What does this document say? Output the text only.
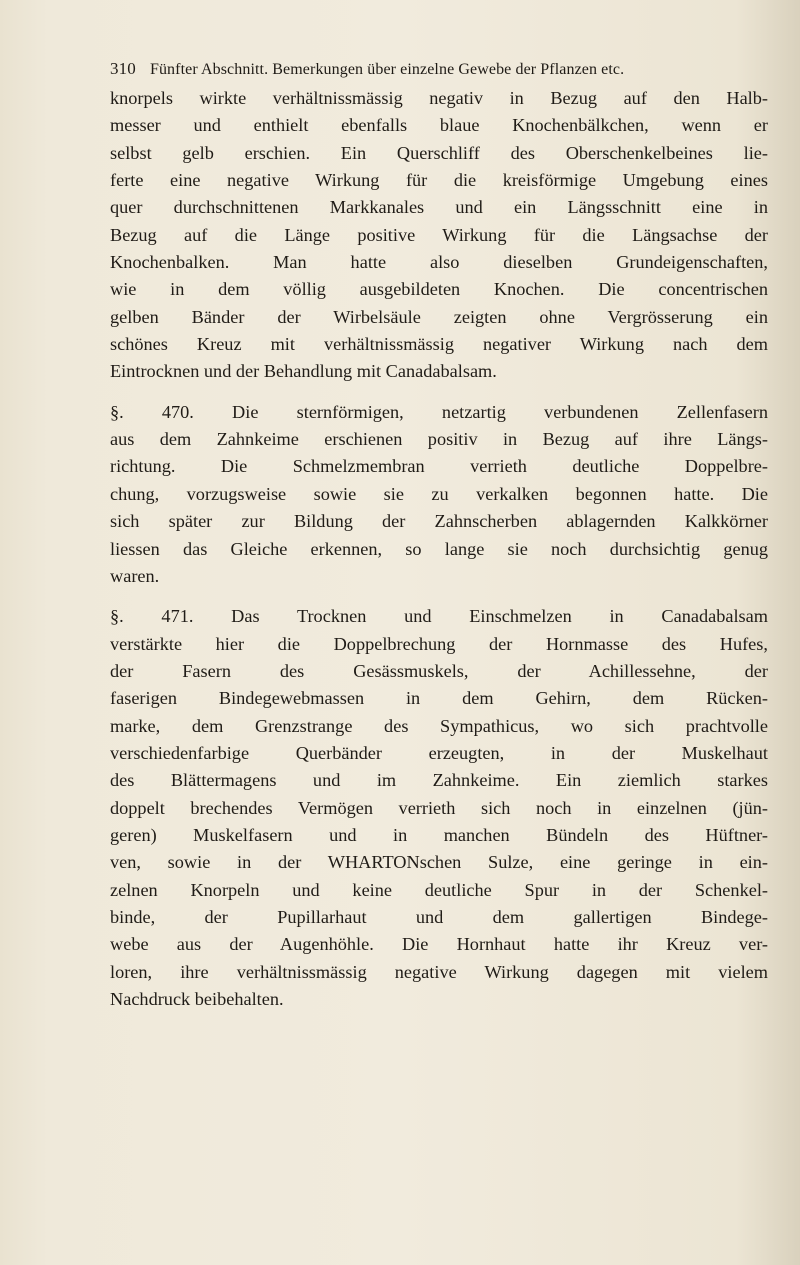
310 Fünfter Abschnitt. Bemerkungen über einzelne Gewebe der Pflanzen etc.
knorpels wirkte verhältnissmässig negativ in Bezug auf den Halb-
messer und enthielt ebenfalls blaue Knochenbälkchen, wenn er
selbst gelb erschien. Ein Querschliff des Oberschenkelbeines lie-
ferte eine negative Wirkung für die kreisförmige Umgebung eines
quer durchschnittenen Markkanales und ein Längsschnitt eine in
Bezug auf die Länge positive Wirkung für die Längsachse der
Knochenbalken. Man hatte also dieselben Grundeigenschaften,
wie in dem völlig ausgebildeten Knochen. Die concentrischen
gelben Bänder der Wirbelsäule zeigten ohne Vergrösserung ein
schönes Kreuz mit verhältnissmässig negativer Wirkung nach dem
Eintrocknen und der Behandlung mit Canadabalsam.
§. 470. Die sternförmigen, netzartig verbundenen Zellenfasern
aus dem Zahnkeime erschienen positiv in Bezug auf ihre Längs-
richtung. Die Schmelzmembran verrieth deutliche Doppelbre-
chung, vorzugsweise sowie sie zu verkalken begonnen hatte. Die
sich später zur Bildung der Zahnscherben ablagernden Kalkkörner
liessen das Gleiche erkennen, so lange sie noch durchsichtig genug
waren.
§. 471. Das Trocknen und Einschmelzen in Canadabalsam
verstärkte hier die Doppelbrechung der Hornmasse des Hufes,
der Fasern des Gesässmuskels, der Achillessehne, der
faserigen Bindegewebmassen in dem Gehirn, dem Rücken-
marke, dem Grenzstrange des Sympathicus, wo sich prachtvolle
verschiedenfarbige Querbänder erzeugten, in der Muskelhaut
des Blättermagens und im Zahnkeime. Ein ziemlich starkes
doppelt brechendes Vermögen verrieth sich noch in einzelnen (jün-
geren) Muskelfasern und in manchen Bündeln des Hüftner-
ven, sowie in der WHARTONschen Sulze, eine geringe in ein-
zelnen Knorpeln und keine deutliche Spur in der Schenkel-
binde, der Pupillarhaut und dem gallertigen Bindege-
webe aus der Augenhöhle. Die Hornhaut hatte ihr Kreuz ver-
loren, ihre verhältnissmässig negative Wirkung dagegen mit vielem
Nachdruck beibehalten.
